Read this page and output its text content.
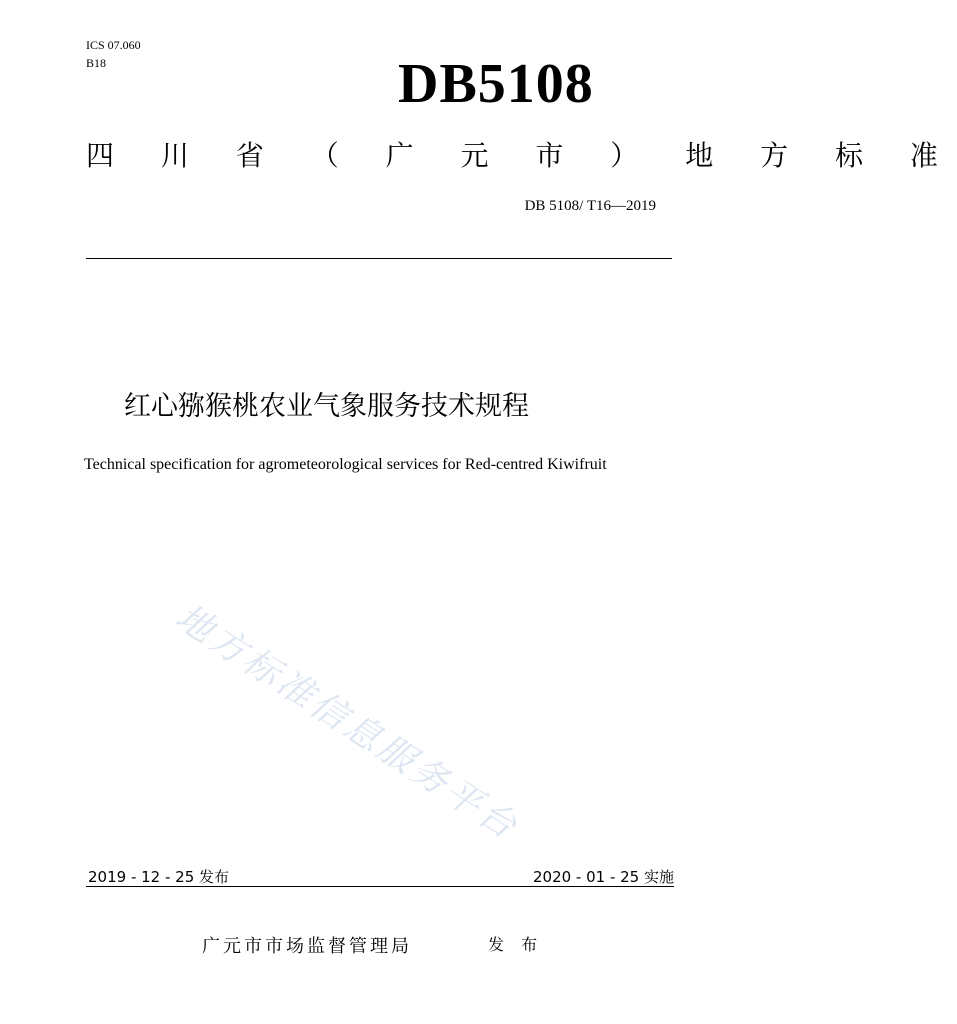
ICS 07.060
B18	DB5108
四 川 省 （ 广 元 市 ） 地 方 标 准
DB 5108/ T16—2019
红心猕猴桃农业气象服务技术规程
Technical specification for agrometeorological services for Red-centred Kiwifruit
地方标准信息服务平台
2019 - 12 - 25 发布	2020 - 01 - 25 实施
广元市市场监督管理局	发 布
